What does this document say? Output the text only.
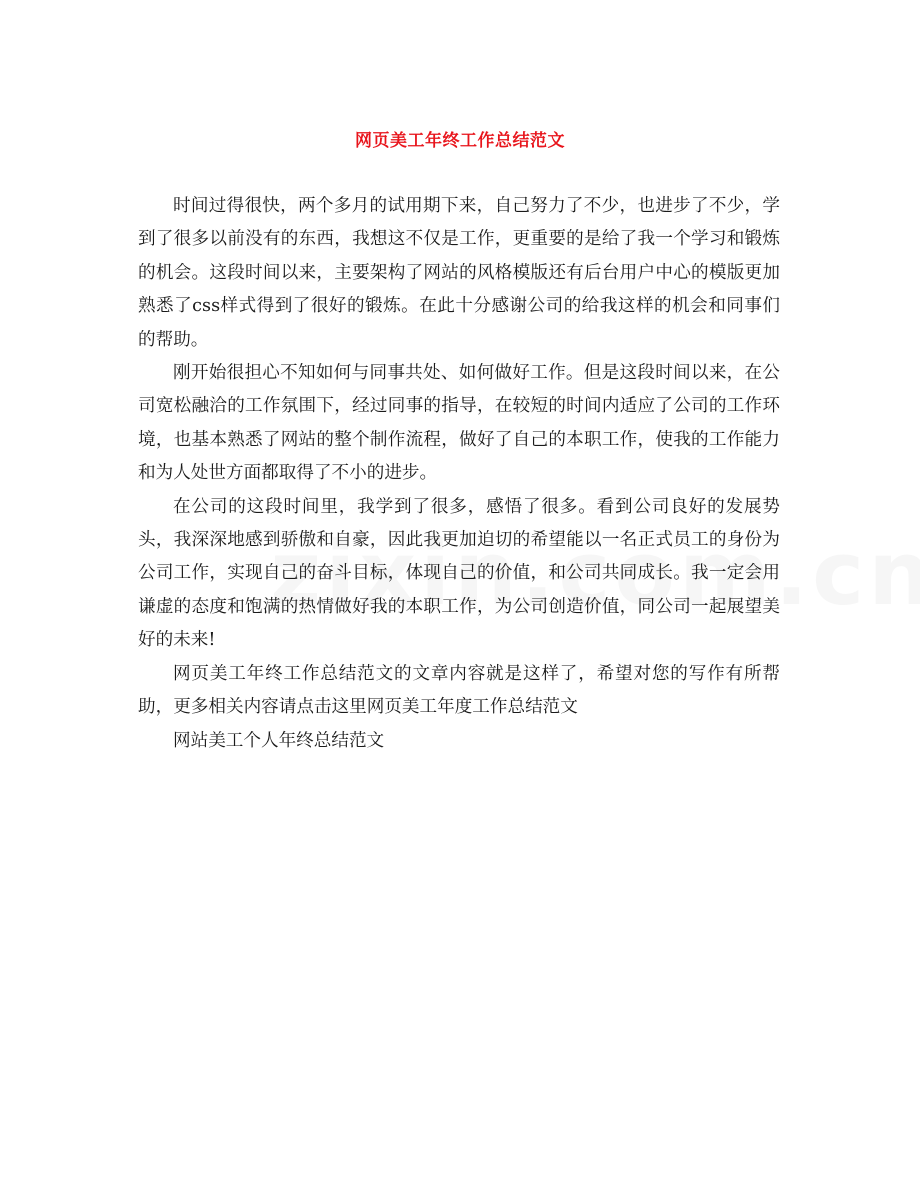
网页美工年终工作总结范文

时间过得很快，两个多月的试用期下来，自己努力了不少，也进步了不少，学到了很多以前没有的东西，我想这不仅是工作，更重要的是给了我一个学习和锻炼的机会。这段时间以来，主要架构了网站的风格模版还有后台用户中心的模版更加熟悉了css样式得到了很好的锻炼。在此十分感谢公司的给我这样的机会和同事们的帮助。

刚开始很担心不知如何与同事共处、如何做好工作。但是这段时间以来，在公司宽松融洽的工作氛围下，经过同事的指导，在较短的时间内适应了公司的工作环境，也基本熟悉了网站的整个制作流程，做好了自己的本职工作，使我的工作能力和为人处世方面都取得了不小的进步。

在公司的这段时间里，我学到了很多，感悟了很多。看到公司良好的发展势头，我深深地感到骄傲和自豪，因此我更加迫切的希望能以一名正式员工的身份为公司工作，实现自己的奋斗目标，体现自己的价值，和公司共同成长。我一定会用谦虚的态度和饱满的热情做好我的本职工作，为公司创造价值，同公司一起展望美好的未来!

网页美工年终工作总结范文的文章内容就是这样了，希望对您的写作有所帮助，更多相关内容请点击这里网页美工年度工作总结范文

网站美工个人年终总结范文
